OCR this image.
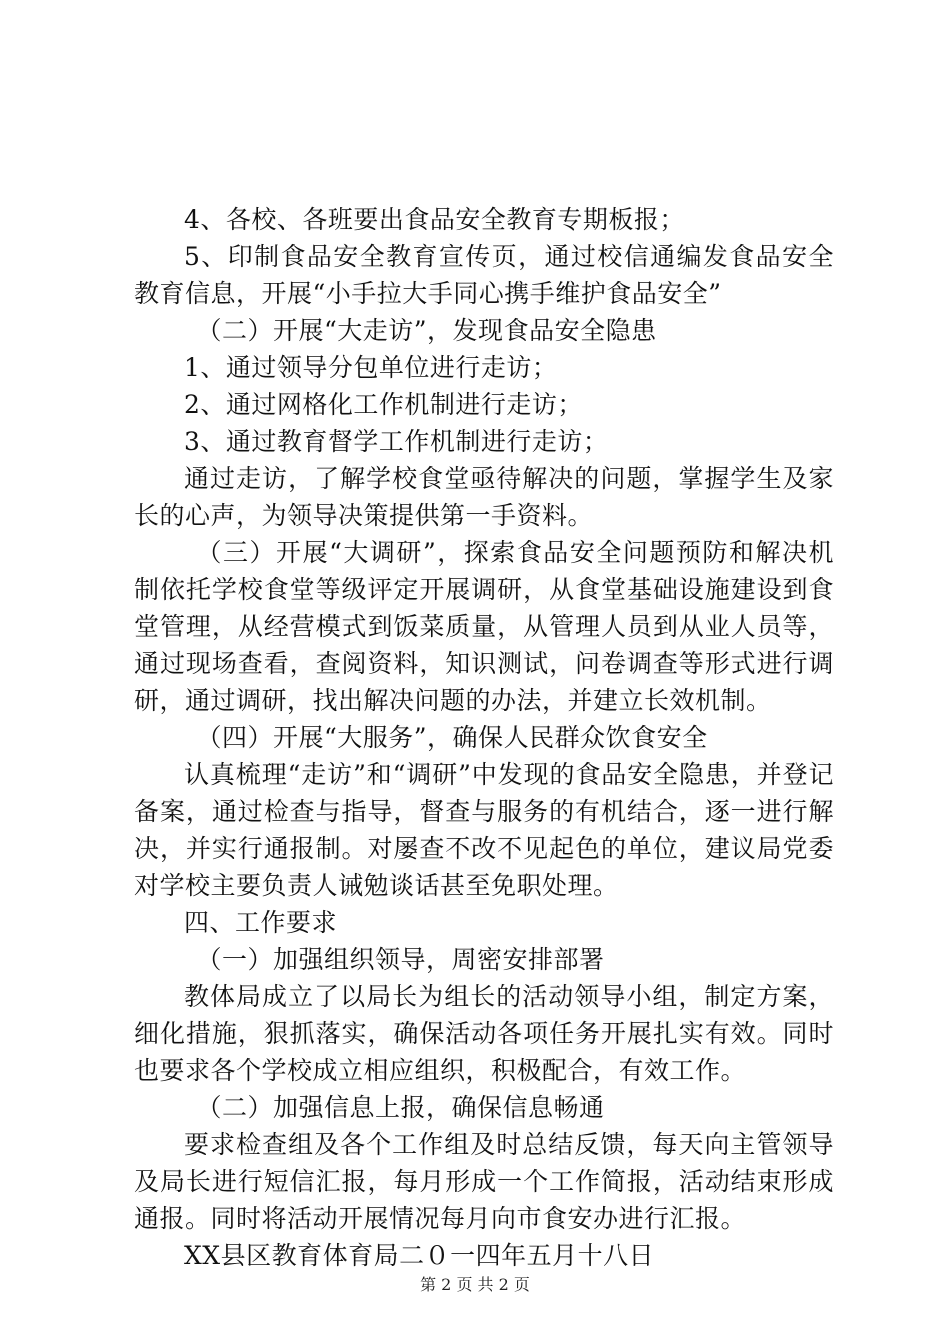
4、各校、各班要出食品安全教育专期板报；

5、印制食品安全教育宣传页，通过校信通编发食品安全教育信息，开展“小手拉大手同心携手维护食品安全”

（二）开展“大走访”，发现食品安全隐患

1、通过领导分包单位进行走访；

2、通过网格化工作机制进行走访；

3、通过教育督学工作机制进行走访；

通过走访，了解学校食堂亟待解决的问题，掌握学生及家长的心声，为领导决策提供第一手资料。

（三）开展“大调研”，探索食品安全问题预防和解决机制依托学校食堂等级评定开展调研，从食堂基础设施建设到食堂管理，从经营模式到饭菜质量，从管理人员到从业人员等，通过现场查看，查阅资料，知识测试，问卷调查等形式进行调研，通过调研，找出解决问题的办法，并建立长效机制。

（四）开展“大服务”，确保人民群众饮食安全

认真梳理“走访”和“调研”中发现的食品安全隐患，并登记备案，通过检查与指导，督查与服务的有机结合，逐一进行解决，并实行通报制。对屡查不改不见起色的单位，建议局党委对学校主要负责人诫勉谈话甚至免职处理。

四、工作要求

（一）加强组织领导，周密安排部署

教体局成立了以局长为组长的活动领导小组，制定方案，细化措施，狠抓落实，确保活动各项任务开展扎实有效。同时也要求各个学校成立相应组织，积极配合，有效工作。

（二）加强信息上报，确保信息畅通

要求检查组及各个工作组及时总结反馈，每天向主管领导及局长进行短信汇报，每月形成一个工作简报，活动结束形成通报。同时将活动开展情况每月向市食安办进行汇报。

XX县区教育体育局二０一四年五月十八日

第 2 页 共 2 页
